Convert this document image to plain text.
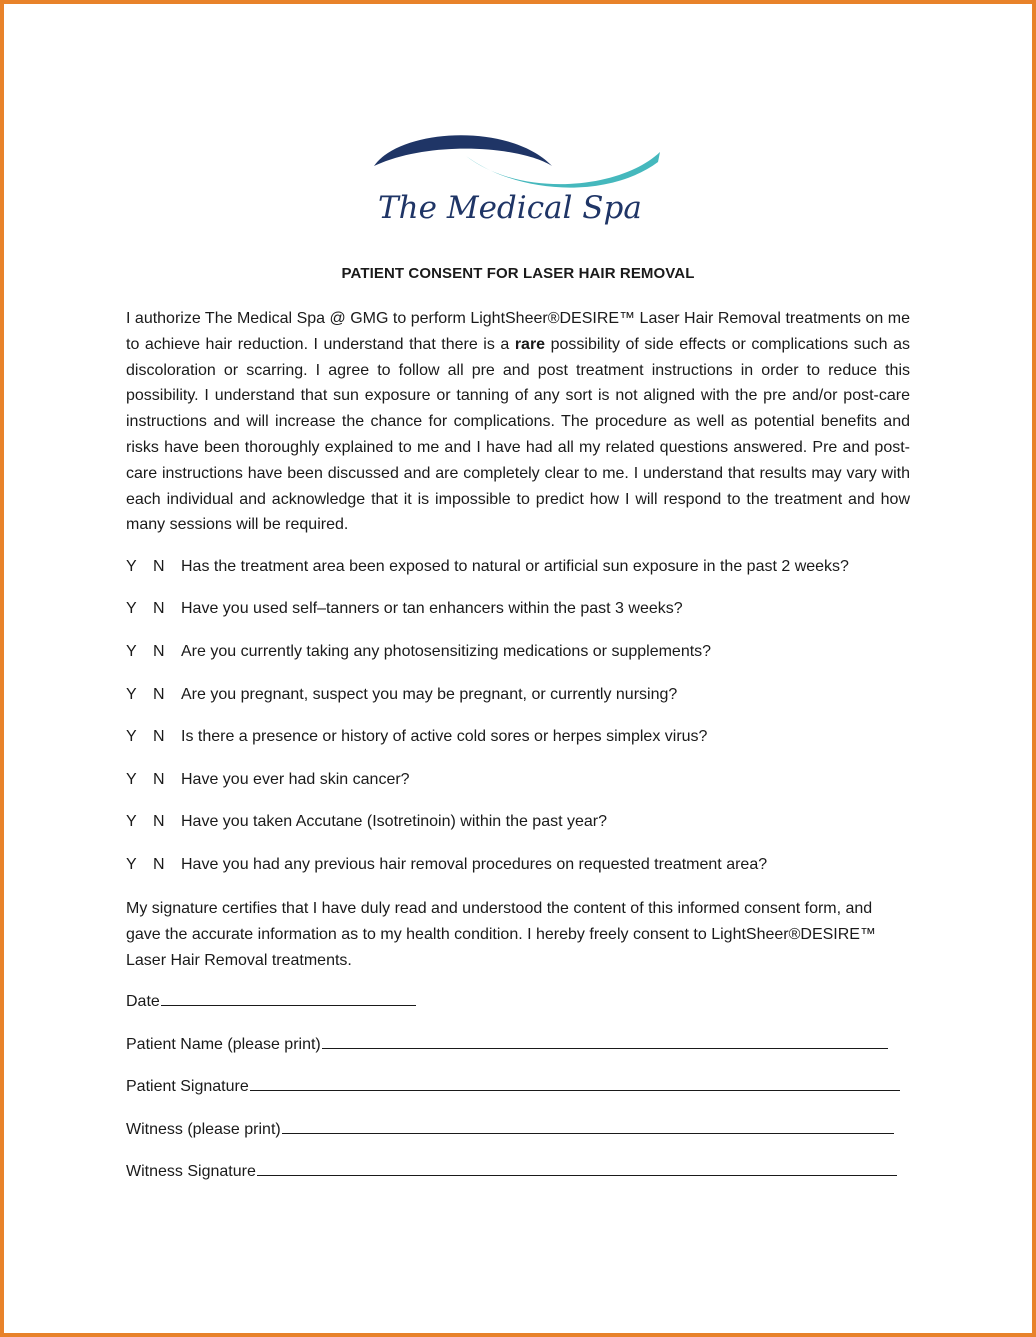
The Medical Spa
PATIENT CONSENT FOR LASER HAIR REMOVAL

I authorize The Medical Spa @ GMG to perform LightSheer®DESIRE™ Laser Hair Removal treatments on me to achieve hair reduction. I understand that there is a rare possibility of side effects or complications such as discoloration or scarring. I agree to follow all pre and post treatment instructions in order to reduce this possibility. I understand that sun exposure or tanning of any sort is not aligned with the pre and/or post-care instructions and will increase the chance for complications. The procedure as well as potential benefits and risks have been thoroughly explained to me and I have had all my related questions answered. Pre and post-care instructions have been discussed and are completely clear to me. I understand that results may vary with each individual and acknowledge that it is impossible to predict how I will respond to the treatment and how many sessions will be required.

Y N Has the treatment area been exposed to natural or artificial sun exposure in the past 2 weeks?
Y N Have you used self–tanners or tan enhancers within the past 3 weeks?
Y N Are you currently taking any photosensitizing medications or supplements?
Y N Are you pregnant, suspect you may be pregnant, or currently nursing?
Y N Is there a presence or history of active cold sores or herpes simplex virus?
Y N Have you ever had skin cancer?
Y N Have you taken Accutane (Isotretinoin) within the past year?
Y N Have you had any previous hair removal procedures on requested treatment area?

My signature certifies that I have duly read and understood the content of this informed consent form, and gave the accurate information as to my health condition. I hereby freely consent to LightSheer®DESIRE™ Laser Hair Removal treatments.

Date
Patient Name (please print)
Patient Signature
Witness (please print)
Witness Signature
